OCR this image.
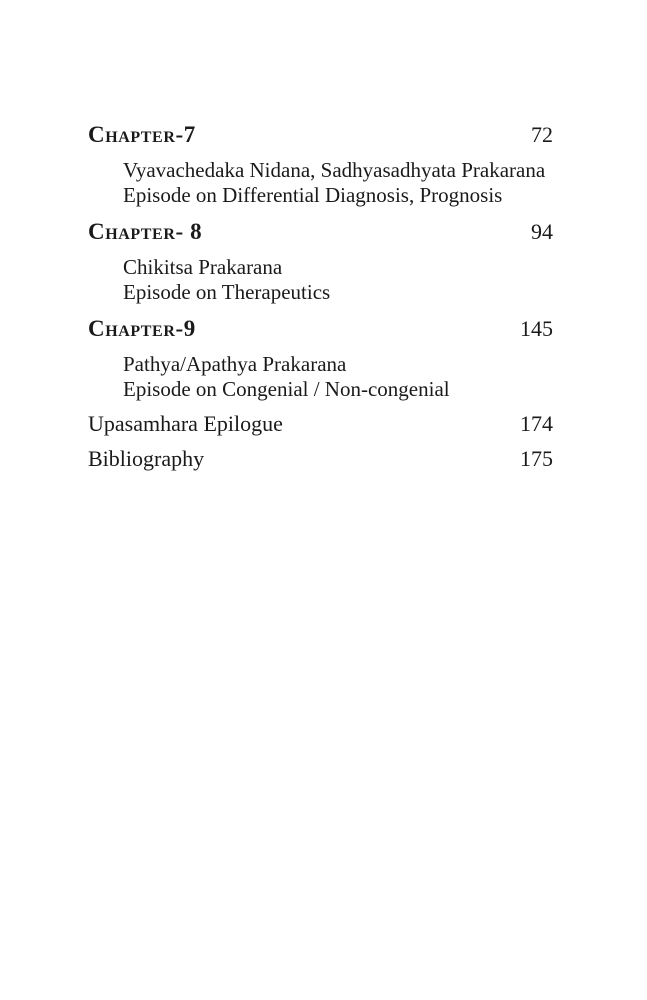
Chapter-7	72
Vyavachedaka Nidana, Sadhyasadhyata Prakarana
Episode on Differential Diagnosis, Prognosis
Chapter- 8	94
Chikitsa Prakarana
Episode on Therapeutics
Chapter-9	145
Pathya/Apathya Prakarana
Episode on Congenial / Non-congenial
Upasamhara Epilogue	174
Bibliography	175
